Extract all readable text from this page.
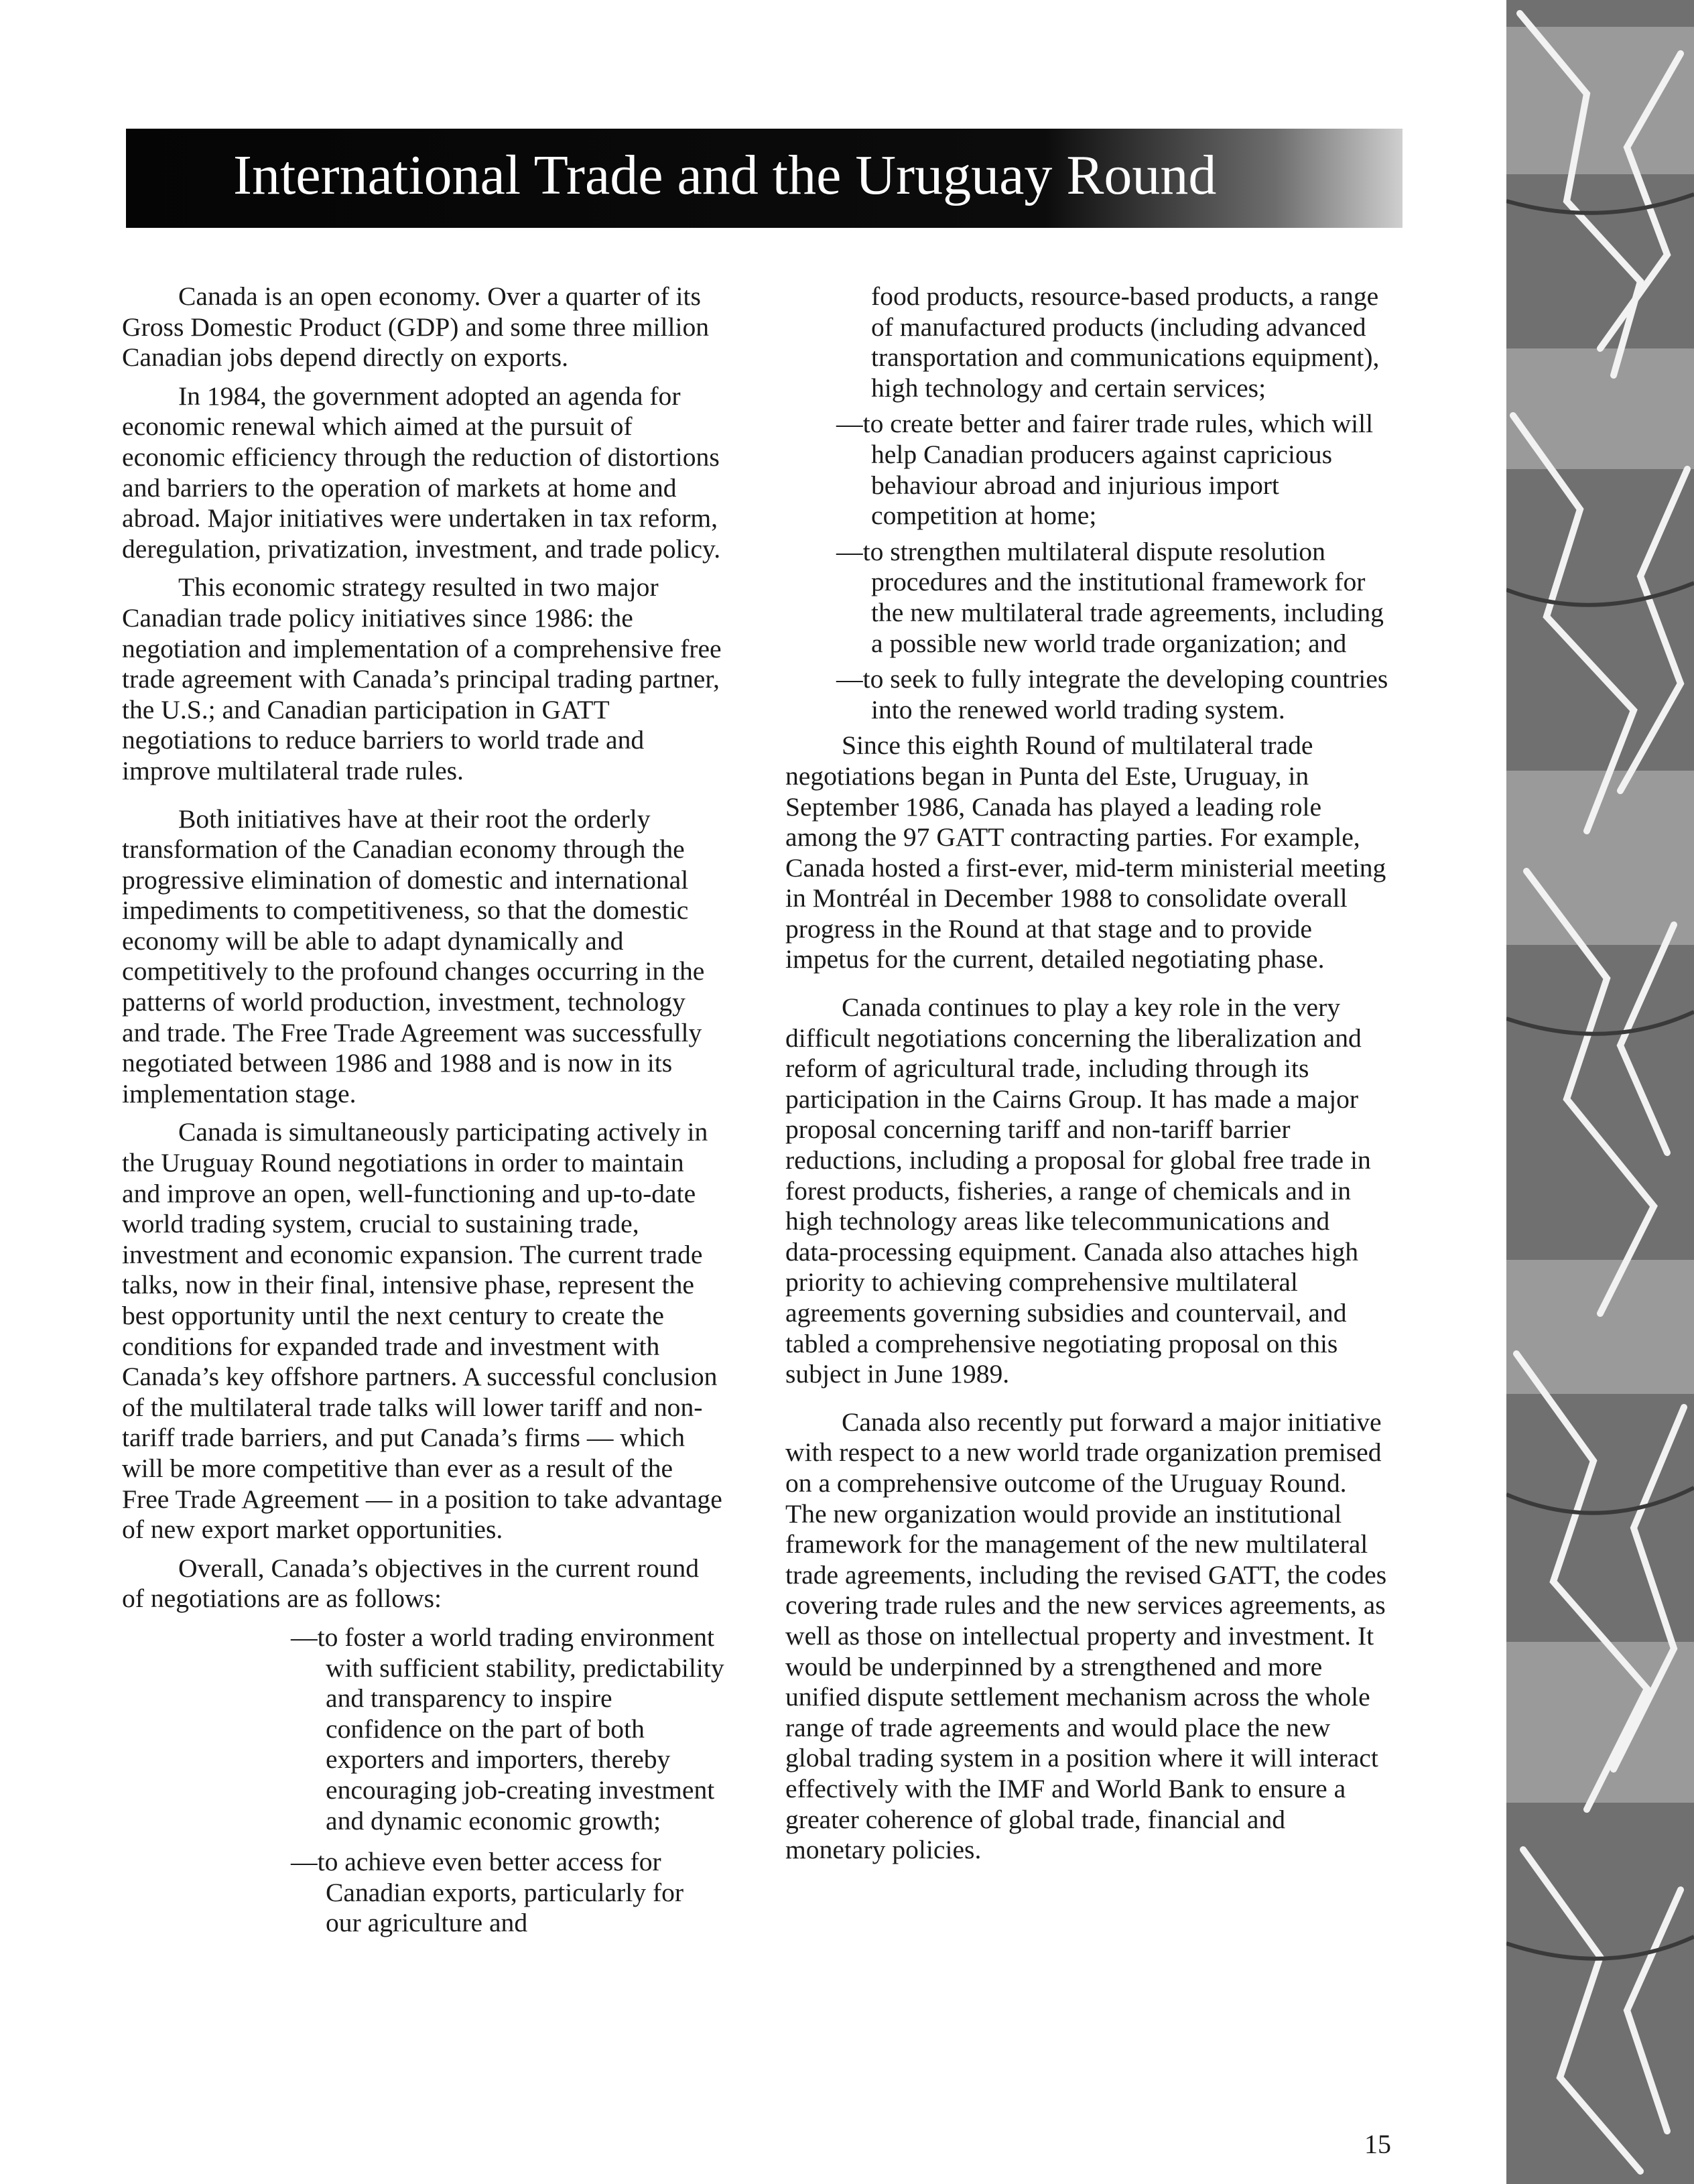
International Trade and the Uruguay Round

Canada is an open economy. Over a quarter of its Gross Domestic Product (GDP) and some three million Canadian jobs depend directly on exports.

In 1984, the government adopted an agenda for economic renewal which aimed at the pursuit of economic efficiency through the reduction of distortions and barriers to the operation of markets at home and abroad. Major initiatives were undertaken in tax reform, deregulation, privatization, investment, and trade policy.

This economic strategy resulted in two major Canadian trade policy initiatives since 1986: the negotiation and implementation of a comprehensive free trade agreement with Canada’s principal trading partner, the U.S.; and Canadian participation in GATT negotiations to reduce barriers to world trade and improve multilateral trade rules.

Both initiatives have at their root the orderly transformation of the Canadian economy through the progressive elimination of domestic and international impediments to competitiveness, so that the domestic economy will be able to adapt dynamically and competitively to the profound changes occurring in the patterns of world production, investment, technology and trade. The Free Trade Agreement was successfully negotiated between 1986 and 1988 and is now in its implementation stage.

Canada is simultaneously participating actively in the Uruguay Round negotiations in order to maintain and improve an open, well-functioning and up-to-date world trading system, crucial to sustaining trade, investment and economic expansion. The current trade talks, now in their final, intensive phase, represent the best opportunity until the next century to create the conditions for expanded trade and investment with Canada’s key offshore partners. A successful conclusion of the multilateral trade talks will lower tariff and non-tariff trade barriers, and put Canada’s firms — which will be more competitive than ever as a result of the Free Trade Agreement — in a position to take advantage of new export market opportunities.

Overall, Canada’s objectives in the current round of negotiations are as follows:

—to foster a world trading environment with sufficient stability, predictability and transparency to inspire confidence on the part of both exporters and importers, thereby encouraging job-creating investment and dynamic economic growth;

—to achieve even better access for Canadian exports, particularly for our agriculture and

food products, resource-based products, a range of manufactured products (including advanced transportation and communications equipment), high technology and certain services;

—to create better and fairer trade rules, which will help Canadian producers against capricious behaviour abroad and injurious import competition at home;

—to strengthen multilateral dispute resolution procedures and the institutional framework for the new multilateral trade agreements, including a possible new world trade organization; and

—to seek to fully integrate the developing countries into the renewed world trading system.

Since this eighth Round of multilateral trade negotiations began in Punta del Este, Uruguay, in September 1986, Canada has played a leading role among the 97 GATT contracting parties. For example, Canada hosted a first-ever, mid-term ministerial meeting in Montréal in December 1988 to consolidate overall progress in the Round at that stage and to provide impetus for the current, detailed negotiating phase.

Canada continues to play a key role in the very difficult negotiations concerning the liberalization and reform of agricultural trade, including through its participation in the Cairns Group. It has made a major proposal concerning tariff and non-tariff barrier reductions, including a proposal for global free trade in forest products, fisheries, a range of chemicals and in high technology areas like telecommunications and data-processing equipment. Canada also attaches high priority to achieving comprehensive multilateral agreements governing subsidies and countervail, and tabled a comprehensive negotiating proposal on this subject in June 1989.

Canada also recently put forward a major initiative with respect to a new world trade organization premised on a comprehensive outcome of the Uruguay Round. The new organization would provide an institutional framework for the management of the new multilateral trade agreements, including the revised GATT, the codes covering trade rules and the new services agreements, as well as those on intellectual property and investment. It would be underpinned by a strengthened and more unified dispute settlement mechanism across the whole range of trade agreements and would place the new global trading system in a position where it will interact effectively with the IMF and World Bank to ensure a greater coherence of global trade, financial and monetary policies.

15
